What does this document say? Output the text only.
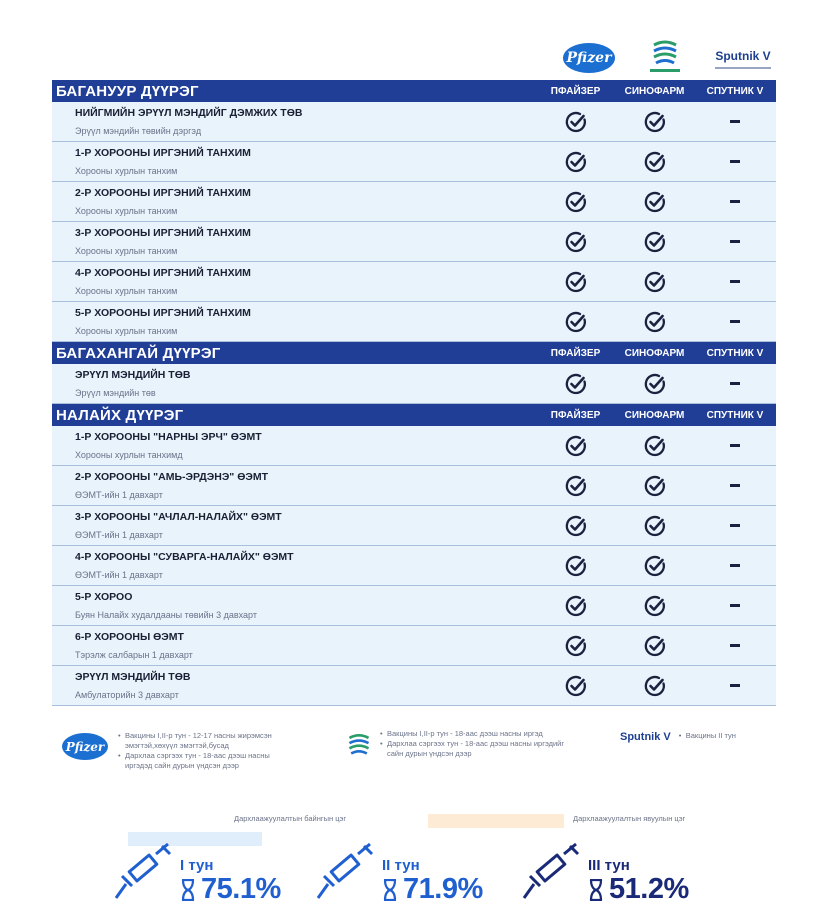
Pfizer	Sputnik V
БАГАНУУР ДҮҮРЭГ	ПФАЙЗЕР	СИНОФАРМ	СПУТНИК V
НИЙГМИЙН ЭРҮҮЛ МЭНДИЙГ ДЭМЖИХ ТӨВ
Эрүүл мэндийн төвийн дэргэд
1-Р ХОРООНЫ ИРГЭНИЙ ТАНХИМ
Хорооны хурлын танхим
2-Р ХОРООНЫ ИРГЭНИЙ ТАНХИМ
Хорооны хурлын танхим
3-Р ХОРООНЫ ИРГЭНИЙ ТАНХИМ
Хорооны хурлын танхим
4-Р ХОРООНЫ ИРГЭНИЙ ТАНХИМ
Хорооны хурлын танхим
5-Р ХОРООНЫ ИРГЭНИЙ ТАНХИМ
Хорооны хурлын танхим
БАГАХАНГАЙ ДҮҮРЭГ	ПФАЙЗЕР	СИНОФАРМ	СПУТНИК V
ЭРҮҮЛ МЭНДИЙН ТӨВ
Эрүүл мэндийн төв
НАЛАЙХ ДҮҮРЭГ	ПФАЙЗЕР	СИНОФАРМ	СПУТНИК V
1-Р ХОРООНЫ "НАРНЫ ЭРЧ" ӨЭМТ
Хорооны хурлын танхимд
2-Р ХОРООНЫ "АМЬ-ЭРДЭНЭ" ӨЭМТ
ӨЭМТ-ийн 1 давхарт
3-Р ХОРООНЫ "АЧЛАЛ-НАЛАЙХ" ӨЭМТ
ӨЭМТ-ийн 1 давхарт
4-Р ХОРООНЫ "СУВАРГА-НАЛАЙХ" ӨЭМТ
ӨЭМТ-ийн 1 давхарт
5-Р ХОРОО
Буян Налайх худалдааны төвийн 3 давхарт
6-Р ХОРООНЫ ӨЭМТ
Тэрэлж салбарын 1 давхарт
ЭРҮҮЛ МЭНДИЙН ТӨВ
Амбулаторийн 3 давхарт
Pfizer
• Вакцины I,II-р тун - 12-17 насны жирэмсэн эмэгтэй,хөхүүл эмэгтэй,бусад
• Дархлаа сэргээх тун - 18-аас дээш насны иргэдэд сайн дурын үндсэн дээр
• Вакцины I,II-р тун - 18-аас дээш насны иргэд
• Дархлаа сэргээх тун - 18-аас дээш насны иргэдийг сайн дурын үндсэн дээр
Sputnik V
•	Вакцины II тун
Дархлаажуулалтын байнгын цэг	Дархлаажуулалтын явуулын цэг
I тун
75.1%
II тун
71.9%
III тун
51.2%
